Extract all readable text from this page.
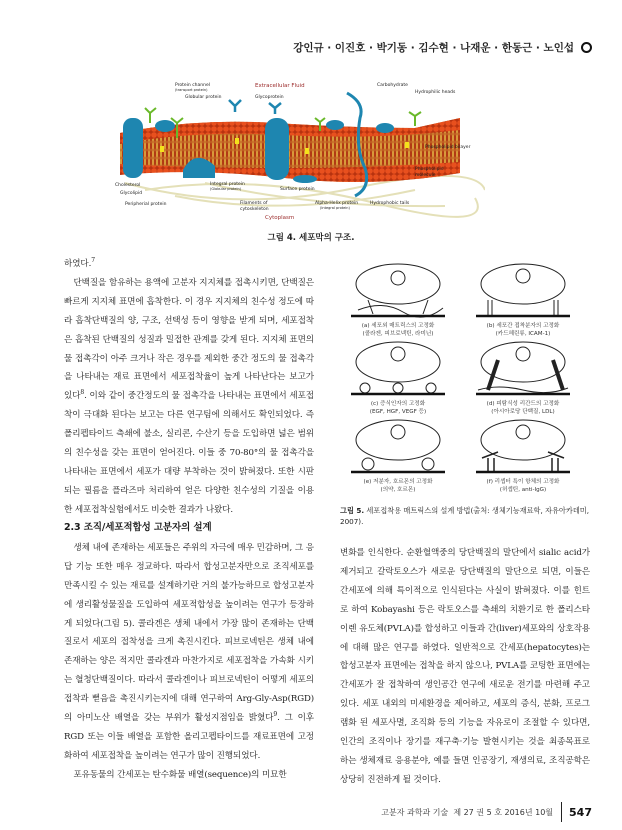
강인규 · 이진호 · 박기동 · 김수현 · 나재운 · 한동근 · 노인섭
Extracellular Fluid
Cytoplasm
Protein channel
(transport protein)
Globular protein	Glycoprotein
Carbohydrate
Hydrophilic heads
Phospholipid bilayer
Phospholipid
molecule
Cholesterol
Glycolipid
Peripherial protein
Integral protein
(Globular protein)	Surface protein
Filaments of
cytoskeleton
Alpha-Helix protein
(Integral protein)
Hydrophobic tails
그림 4. 세포막의 구조.

하였다.$^7$

단백질을 함유하는 용액에 고분자 지지체를 접촉시키면, 단백질은 빠르게 지지체 표면에 흡착한다. 이 경우 지지체의 친수성 정도에 따라 흡착단백질의 양, 구조, 선택성 등이 영향을 받게 되며, 세포접착은 흡착된 단백질의 성질과 밀접한 관계를 갖게 된다. 지지체 표면의 물 접촉각이 아주 크거나 작은 경우를 제외한 중간 정도의 물 접촉각을 나타내는 재료 표면에서 세포접착율이 높게 나타난다는 보고가 있다$^8$. 이와 같이 중간정도의 물 접촉각을 나타내는 표면에서 세포접착이 극대화 된다는 보고는 다른 연구팀에 의해서도 확인되었다. 즉 폴리펩타이드 측쇄에 불소, 실리콘, 수산기 등을 도입하면 넓은 범위의 친수성을 갖는 표면이 얻어진다. 이들 중 70-80°의 물 접촉각을 나타내는 표면에서 세포가 대량 부착하는 것이 밝혀졌다. 또한 시판되는 필름을 플라즈마 처리하여 얻은 다양한 친수성의 기질을 이용한 세포접착실험에서도 비슷한 결과가 나왔다.

2.3 조직/세포적합성 고분자의 설계

생체 내에 존재하는 세포들은 주위의 자극에 매우 민감하며, 그 응답 기능 또한 매우 정교하다. 따라서 합성고분자만으로 조직세포를 만족시킬 수 있는 재료를 설계하기란 거의 불가능하므로 합성고분자에 생리활성물질을 도입하여 세포적합성을 높이려는 연구가 등장하게 되었다(그림 5). 콜라겐은 생체 내에서 가장 많이 존재하는 단백질로서 세포의 접착성을 크게 촉진시킨다. 피브로넥틴은 생체 내에 존재하는 양은 적지만 콜라겐과 마찬가지로 세포접착을 가속화 시키는 혈청단백질이다. 따라서 콜라겐이나 피브로넥틴이 어떻게 세포의 접착과 뻗음을 촉진시키는지에 대해 연구하여 Arg-Gly-Asp(RGD)의 아미노산 배열을 갖는 부위가 활성지점임을 밝혔다$^9$. 그 이후 RGD 또는 이들 배열을 포함한 올리고펩타이드를 재료표면에 고정화하여 세포접착을 높이려는 연구가 많이 진행되었다.

포유동물의 간세포는 탄수화물 배열(sequence)의 미묘한

(a) 세포외 매트릭스의 고정화
(콜라겐, 피브로넥틴, 라미닌)
(b) 세포간 접착분자의 고정화
(카드헤린류, ICAM-1)
(c) 증식인자의 고정화
(EGF, HGF, VEGF 등)
(d) 피탐식성 리간드의 고정화
(아시아로당 단백질, LDL)
(e) 저분자, 호르몬의 고정화
(의약, 호르몬)
(f) 리셉터 특이 항체의 고정화
(허셉틴, anti-IgG)
그림 5. 세포접착용 매트릭스의 설계 방법(출처: 생체기능재료학, 자유아카데미, 2007).

변화를 인식한다. 순환혈액중의 당단백질의 말단에서 sialic acid가 제거되고 갈락토오스가 새로운 당단백질의 말단으로 되면, 이들은 간세포에 의해 특이적으로 인식된다는 사실이 밝혀졌다. 이를 힌트로 하여 Kobayashi 등은 락토오스를 측쇄의 치환기로 한 폴리스타이렌 유도체(PVLA)를 합성하고 이들과 간(liver)세포와의 상호작용에 대해 많은 연구를 하였다. 일반적으로 간세포(hepatocytes)는 합성고분자 표면에는 접착을 하지 않으나, PVLA를 코팅한 표면에는 간세포가 잘 접착하여 생인공간 연구에 새로운 전기를 마련해 주고 있다. 세포 내외의 미세환경을 제어하고, 세포의 증식, 분화, 프로그램화 된 세포사멸, 조직화 등의 기능을 자유로이 조절할 수 있다면, 인간의 조직이나 장기를 재구축·기능 발현시키는 것을 최종목표로 하는 생체재료 응용분야, 예를 들면 인공장기, 재생의료, 조직공학은 상당히 진전하게 될 것이다.

고분자 과학과 기술
제 27 권 5 호 2016년 10월 547
